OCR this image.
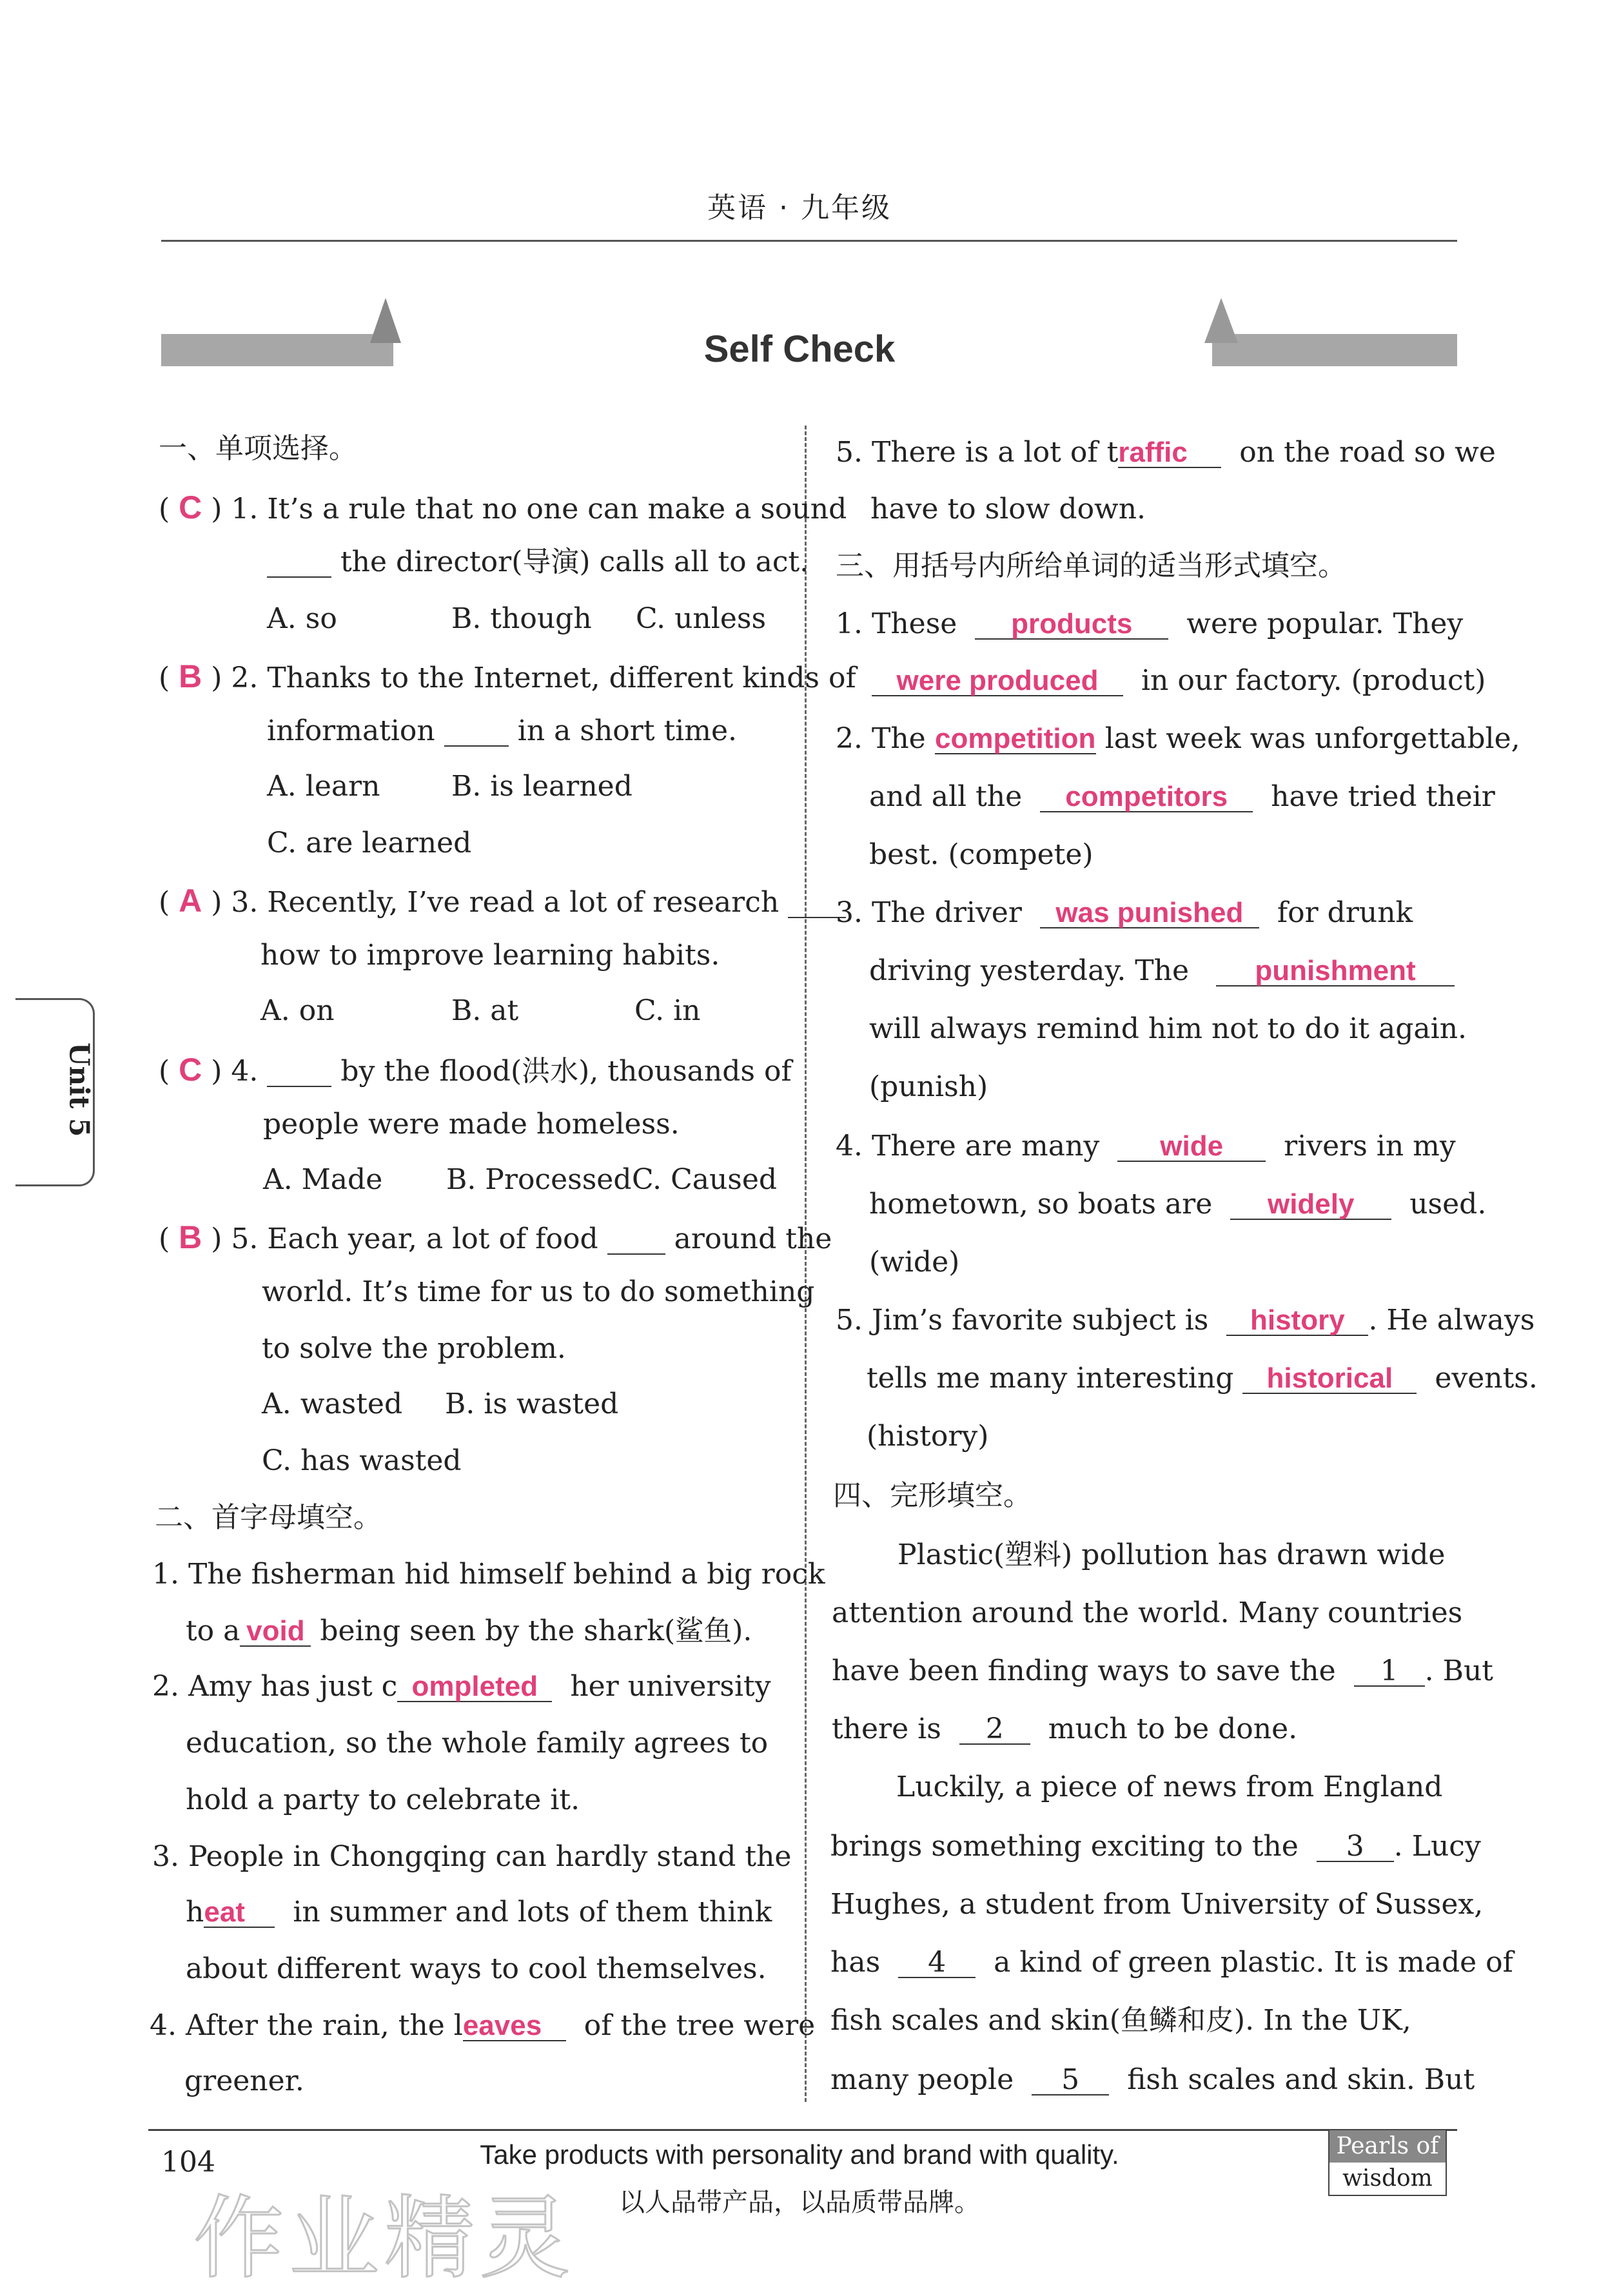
英语 · 九年级
Self Check
Unit 5
一、单项选择。
( C ) 1. It’s a rule that no one can make a sound
the director(导演) calls all to act.
A. so	B. though C. unless
( B ) 2. Thanks to the Internet, different kinds of
information	in a short time.
A. learn	B. is learned
C. are learned
( A ) 3. Recently, I’ve read a lot of research
how to improve learning habits.
A. on	B. at	C. in
( C ) 4.	by the flood(洪水), thousands of
people were made homeless.
A. Made B. Processed C. Caused
( B ) 5. Each year, a lot of food	around the
world. It’s time for us to do something
to solve the problem.
A. wasted B. is wasted
C. has wasted
二、首字母填空。
1. The fisherman hid himself behind a big rock
to a void being seen by the shark(鲨鱼).
2. Amy has just c ompleted her university
education, so the whole family agrees to
hold a party to celebrate it.
3. People in Chongqing can hardly stand the
heat in summer and lots of them think
about different ways to cool themselves.
4. After the rain, the leaves of the tree were
greener.
5. There is a lot of traffic on the road so we
have to slow down.
三、用括号内所给单词的适当形式填空。
1. These products were popular. They
were produced in our factory. (product)
2. The competition last week was unforgettable,
and all the competitors have tried their
best. (compete)
3. The driver was punished for drunk
driving yesterday. The punishment
will always remind him not to do it again.
(punish)
4. There are many wide rivers in my
hometown, so boats are widely used.
(wide)
5. Jim’s favorite subject is history . He always
tells me many interesting historical events.
(history)
四、完形填空。
Plastic(塑料) pollution has drawn wide
attention around the world. Many countries
have been finding ways to save the 1 . But
there is 2 much to be done.
Luckily, a piece of news from England
brings something exciting to the 3 . Lucy
Hughes, a student from University of Sussex,
has 4 a kind of green plastic. It is made of
fish scales and skin(鱼鳞和皮). In the UK,
many people 5 fish scales and skin. But
104	Take products with personality and brand with quality.
以人品带产品，以品质带品牌。
Pearls of
wisdom
作业精灵
